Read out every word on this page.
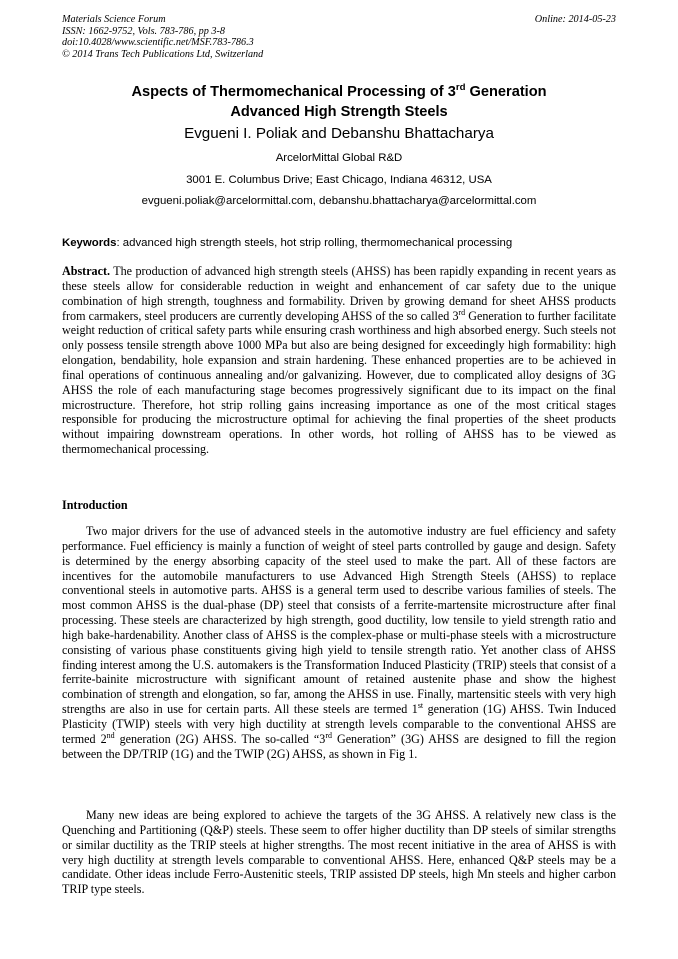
Materials Science Forum
ISSN: 1662-9752, Vols. 783-786, pp 3-8
doi:10.4028/www.scientific.net/MSF.783-786.3
© 2014 Trans Tech Publications Ltd, Switzerland
Online: 2014-05-23
Aspects of Thermomechanical Processing of 3rd Generation
Advanced High Strength Steels
Evgueni I. Poliak and Debanshu Bhattacharya
ArcelorMittal Global R&D
3001 E. Columbus Drive; East Chicago, Indiana 46312, USA
evgueni.poliak@arcelormittal.com, debanshu.bhattacharya@arcelormittal.com
Keywords: advanced high strength steels, hot strip rolling, thermomechanical processing

Abstract. The production of advanced high strength steels (AHSS) has been rapidly expanding in recent years as these steels allow for considerable reduction in weight and enhancement of car safety due to the unique combination of high strength, toughness and formability. Driven by growing demand for sheet AHSS products from carmakers, steel producers are currently developing AHSS of the so called 3rd Generation to further facilitate weight reduction of critical safety parts while ensuring crash worthiness and high absorbed energy. Such steels not only possess tensile strength above 1000 MPa but also are being designed for exceedingly high formability: high elongation, bendability, hole expansion and strain hardening. These enhanced properties are to be achieved in final operations of continuous annealing and/or galvanizing. However, due to complicated alloy designs of 3G AHSS the role of each manufacturing stage becomes progressively significant due to its impact on the final microstructure. Therefore, hot strip rolling gains increasing importance as one of the most critical stages responsible for producing the microstructure optimal for achieving the final properties of the sheet products without impairing downstream operations. In other words, hot rolling of AHSS has to be viewed as thermomechanical processing.

Introduction

Two major drivers for the use of advanced steels in the automotive industry are fuel efficiency and safety performance. Fuel efficiency is mainly a function of weight of steel parts controlled by gauge and design. Safety is determined by the energy absorbing capacity of the steel used to make the part. All of these factors are incentives for the automobile manufacturers to use Advanced High Strength Steels (AHSS) to replace conventional steels in automotive parts. AHSS is a general term used to describe various families of steels. The most common AHSS is the dual-phase (DP) steel that consists of a ferrite-martensite microstructure after final processing. These steels are characterized by high strength, good ductility, low tensile to yield strength ratio and high bake-hardenability. Another class of AHSS is the complex-phase or multi-phase steels with a microstructure consisting of various phase constituents giving high yield to tensile strength ratio. Yet another class of AHSS finding interest among the U.S. automakers is the Transformation Induced Plasticity (TRIP) steels that consist of a ferrite-bainite microstructure with significant amount of retained austenite phase and show the highest combination of strength and elongation, so far, among the AHSS in use. Finally, martensitic steels with very high strengths are also in use for certain parts. All these steels are termed 1st generation (1G) AHSS. Twin Induced Plasticity (TWIP) steels with very high ductility at strength levels comparable to the conventional AHSS are termed 2nd generation (2G) AHSS. The so-called “3rd Generation” (3G) AHSS are designed to fill the region between the DP/TRIP (1G) and the TWIP (2G) AHSS, as shown in Fig 1.

Many new ideas are being explored to achieve the targets of the 3G AHSS. A relatively new class is the Quenching and Partitioning (Q&P) steels. These seem to offer higher ductility than DP steels of similar strengths or similar ductility as the TRIP steels at higher strengths. The most recent initiative in the area of AHSS is with very high ductility at strength levels comparable to conventional AHSS. Here, enhanced Q&P steels may be a candidate. Other ideas include Ferro-Austenitic steels, TRIP assisted DP steels, high Mn steels and higher carbon TRIP type steels.
